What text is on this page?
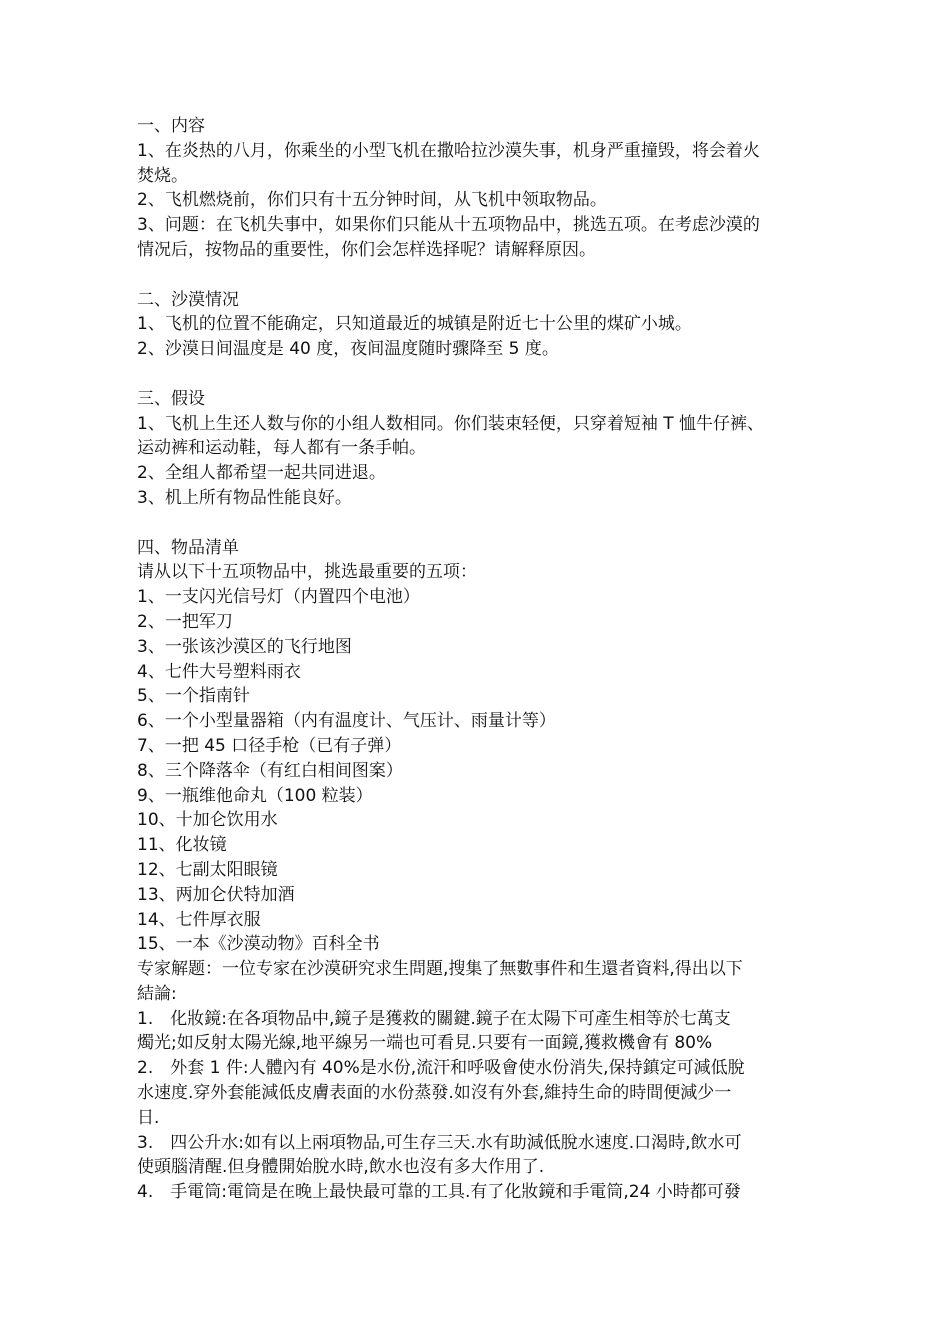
一、内容
1、在炎热的八月，你乘坐的小型飞机在撒哈拉沙漠失事，机身严重撞毁，将会着火
焚烧。
2、飞机燃烧前，你们只有十五分钟时间，从飞机中领取物品。
3、问题：在飞机失事中，如果你们只能从十五项物品中，挑选五项。在考虑沙漠的
情况后，按物品的重要性，你们会怎样选择呢？请解释原因。
二、沙漠情况
1、飞机的位置不能确定，只知道最近的城镇是附近七十公里的煤矿小城。
2、沙漠日间温度是 40 度，夜间温度随时骤降至 5 度。
三、假设
1、飞机上生还人数与你的小组人数相同。你们装束轻便，只穿着短袖 T 恤牛仔裤、
运动裤和运动鞋，每人都有一条手帕。
2、全组人都希望一起共同进退。
3、机上所有物品性能良好。
四、物品清单
请从以下十五项物品中，挑选最重要的五项：
1、一支闪光信号灯（内置四个电池）
2、一把军刀
3、一张该沙漠区的飞行地图
4、七件大号塑料雨衣
5、一个指南针
6、一个小型量器箱（内有温度计、气压计、雨量计等）
7、一把 45 口径手枪（已有子弹）
8、三个降落伞（有红白相间图案）
9、一瓶维他命丸（100 粒装）
10、十加仑饮用水
11、化妆镜
12、七副太阳眼镜
13、两加仑伏特加酒
14、七件厚衣服
15、一本《沙漠动物》百科全书
专家解题：一位专家在沙漠研究求生問題,搜集了無數事件和生還者資料,得出以下
結論:
1.　化妝鏡:在各項物品中,鏡子是獲救的關鍵.鏡子在太陽下可產生相等於七萬支
燭光;如反射太陽光線,地平線另一端也可看見.只要有一面鏡,獲救機會有 80%
2.　外套 1 件:人體內有 40%是水份,流汗和呼吸會使水份消失,保持鎮定可減低脫
水速度.穿外套能減低皮膚表面的水份蒸發.如沒有外套,維持生命的時間便減少一
日.
3.　四公升水:如有以上兩項物品,可生存三天.水有助減低脫水速度.口渴時,飲水可
使頭腦清醒.但身體開始脫水時,飲水也沒有多大作用了.
4.　手電筒:電筒是在晚上最快最可靠的工具.有了化妝鏡和手電筒,24 小時都可發
